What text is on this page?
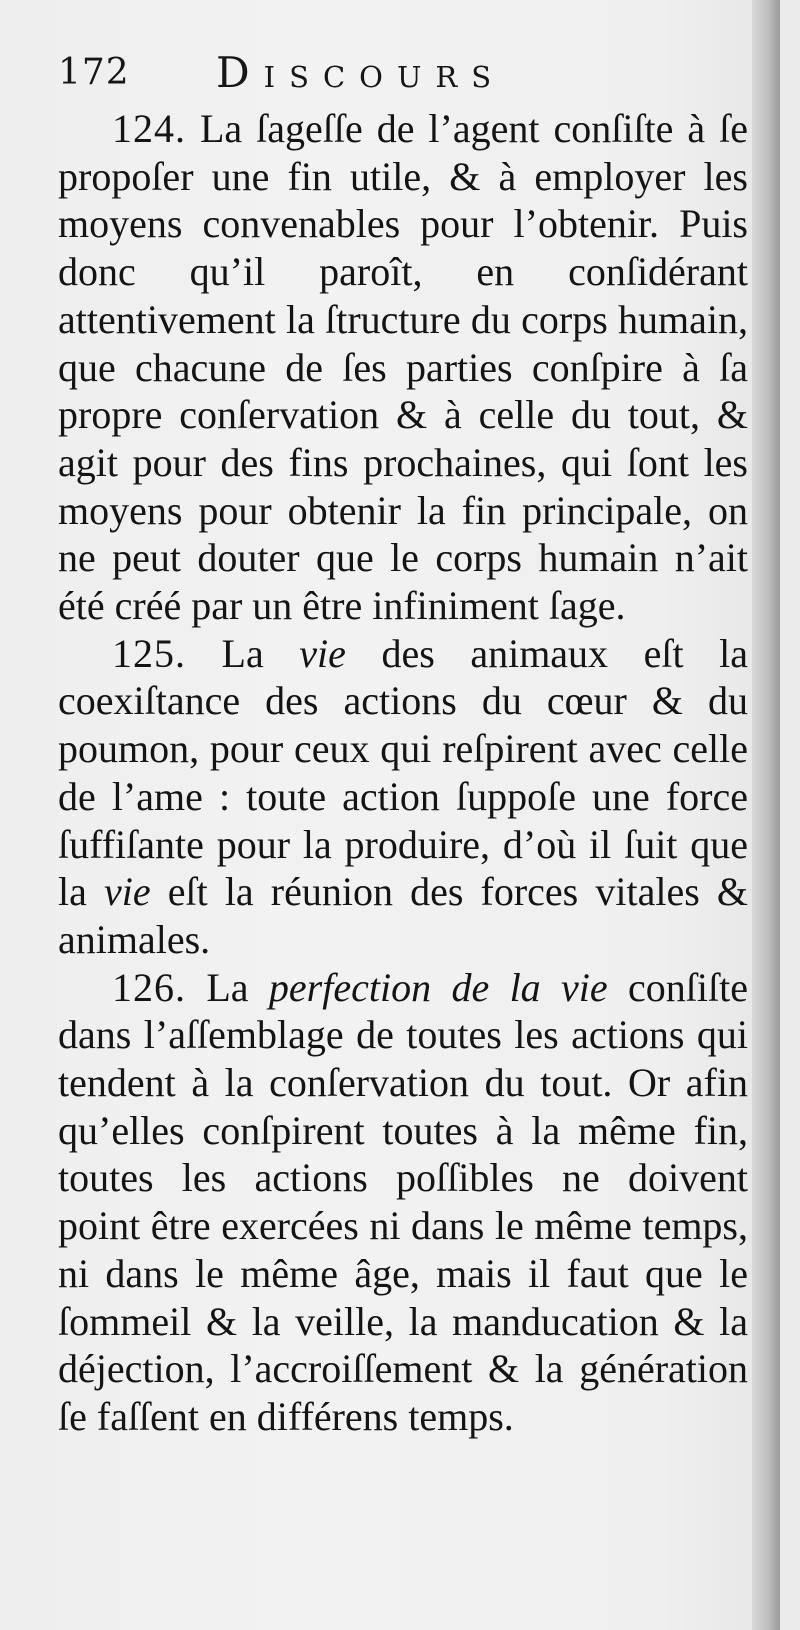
172 Discours

124. La ſageſſe de l’agent conſiſte à ſe propoſer une fin utile, & à employer les moyens convenables pour l’obtenir. Puis donc qu’il paroît, en conſidérant attentivement la ſtructure du corps humain, que chacune de ſes parties conſpire à ſa propre conſervation & à celle du tout, & agit pour des fins prochaines, qui ſont les moyens pour obtenir la fin principale, on ne peut douter que le corps humain n’ait été créé par un être infiniment ſage.

125. La vie des animaux eſt la coexiſtance des actions du cœur & du poumon, pour ceux qui reſpirent avec celle de l’ame : toute action ſuppoſe une force ſuffiſante pour la produire, d’où il ſuit que la vie eſt la réunion des forces vitales & animales.

126. La perfection de la vie conſiſte dans l’aſſemblage de toutes les actions qui tendent à la conſervation du tout. Or afin qu’elles conſpirent toutes à la même fin, toutes les actions poſſibles ne doivent point être exercées ni dans le même temps, ni dans le même âge, mais il faut que le ſommeil & la veille, la manducation & la déjection, l’accroiſſement & la génération ſe faſſent en différens temps.
